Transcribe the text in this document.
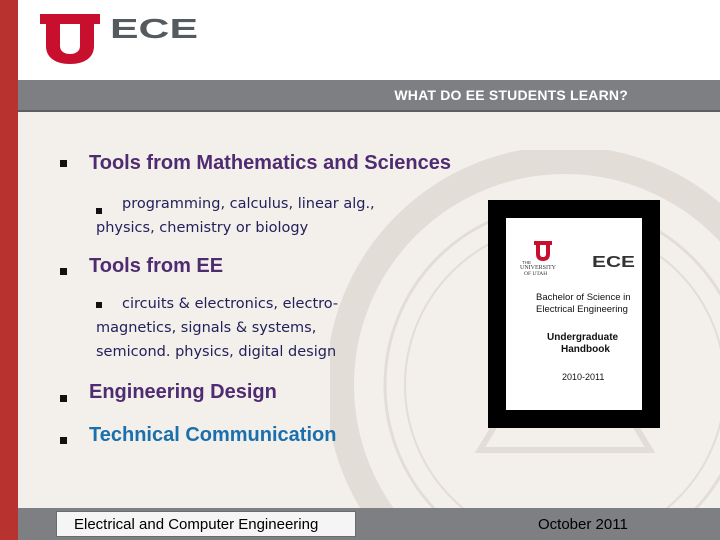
ECE
WHAT DO EE STUDENTS LEARN?
Tools from Mathematics and Sciences
programming, calculus, linear alg., physics, chemistry or biology
Tools from EE
circuits & electronics, electro-magnetics, signals & systems, semicond. physics, digital design
Engineering Design
Technical Communication
THE
UNIVERSITY
OF UTAH
ECE
Bachelor of Science in
Electrical Engineering
Undergraduate
Handbook
2010-2011
Electrical and Computer Engineering	October 2011
